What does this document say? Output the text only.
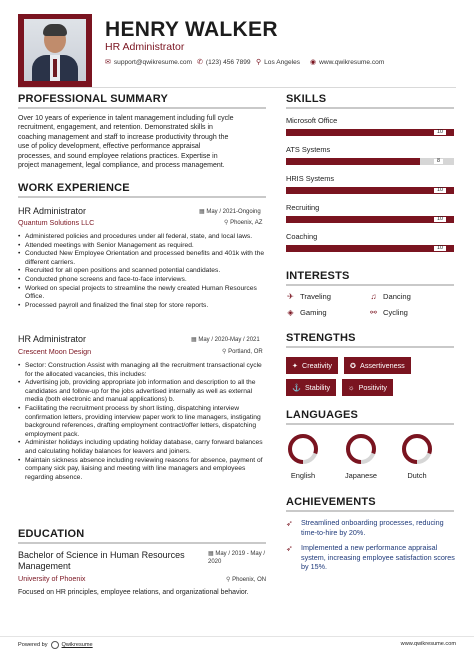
HENRY WALKER
HR Administrator
✉ support@qwikresume.com ✆ (123) 456 7899 ⚲ Los Angeles ◉ www.qwikresume.com
PROFESSIONAL SUMMARY
Over 10 years of experience in talent management including full cycle
recruitment, engagement, and retention. Demonstrated skills in
coaching management and staff to increase productivity through the
use of policy development, effective performance appraisal
processes, and sound employee relations practices. Expertise in
project management, legal compliance, and process management.
WORK EXPERIENCE
HR Administrator
Quantum Solutions LLC
▦ May / 2021-Ongoing
⚲ Phoenix, AZ
• Administered policies and procedures under all federal, state, and local laws.
• Attended meetings with Senior Management as required.
• Conducted New Employee Orientation and processed benefits and 401k with the different carriers.
• Recruited for all open positions and scanned potential candidates.
• Conducted phone screens and face-to-face interviews.
• Worked on special projects to streamline the newly created Human Resources Office.
• Processed payroll and finalized the final step for store reports.
HR Administrator
Crescent Moon Design
▦ May / 2020-May / 2021
⚲ Portland, OR
• Sector: Construction Assist with managing all the recruitment transactional cycle for the allocated vacancies, this includes:
• Advertising job, providing appropriate job information and description to all the candidates and follow-up for the jobs advertised internally as well as external media (both electronic and manual applications) b.
• Facilitating the recruitment process by short listing, dispatching interview confirmation letters, providing interview paper work to line managers, instigating background references, drafting employment contract/offer letters, dispatching employment pack.
• Administer holidays including updating holiday database, carry forward balances and calculating holiday balances for leavers and joiners.
• Maintain sickness absence including reviewing reasons for absence, payment of company sick pay, liaising and meeting with line managers and employees regarding absence.
EDUCATION
Bachelor of Science in Human Resources Management
University of Phoenix
▦ May / 2019 - May / 2020
⚲ Phoenix, ON
Focused on HR principles, employee relations, and organizational behavior.
SKILLS
Microsoft Office
10
ATS Systems
8
HRIS Systems
10
Recruiting
10
Coaching
10
INTERESTS
✈ Traveling	♫ Dancing
◈ Gaming	⚯ Cycling
STRENGTHS
✦ Creativity	✪ Assertiveness
⚓ Stability ☼ Positivity
LANGUAGES
English	Japanese	Dutch
ACHIEVEMENTS
➶ Streamlined onboarding processes, reducing time-to-hire by 20%.
➶ Implemented a new performance appraisal system, increasing employee satisfaction scores by 15%.
Powered by	Qwikresume	www.qwikresume.com
